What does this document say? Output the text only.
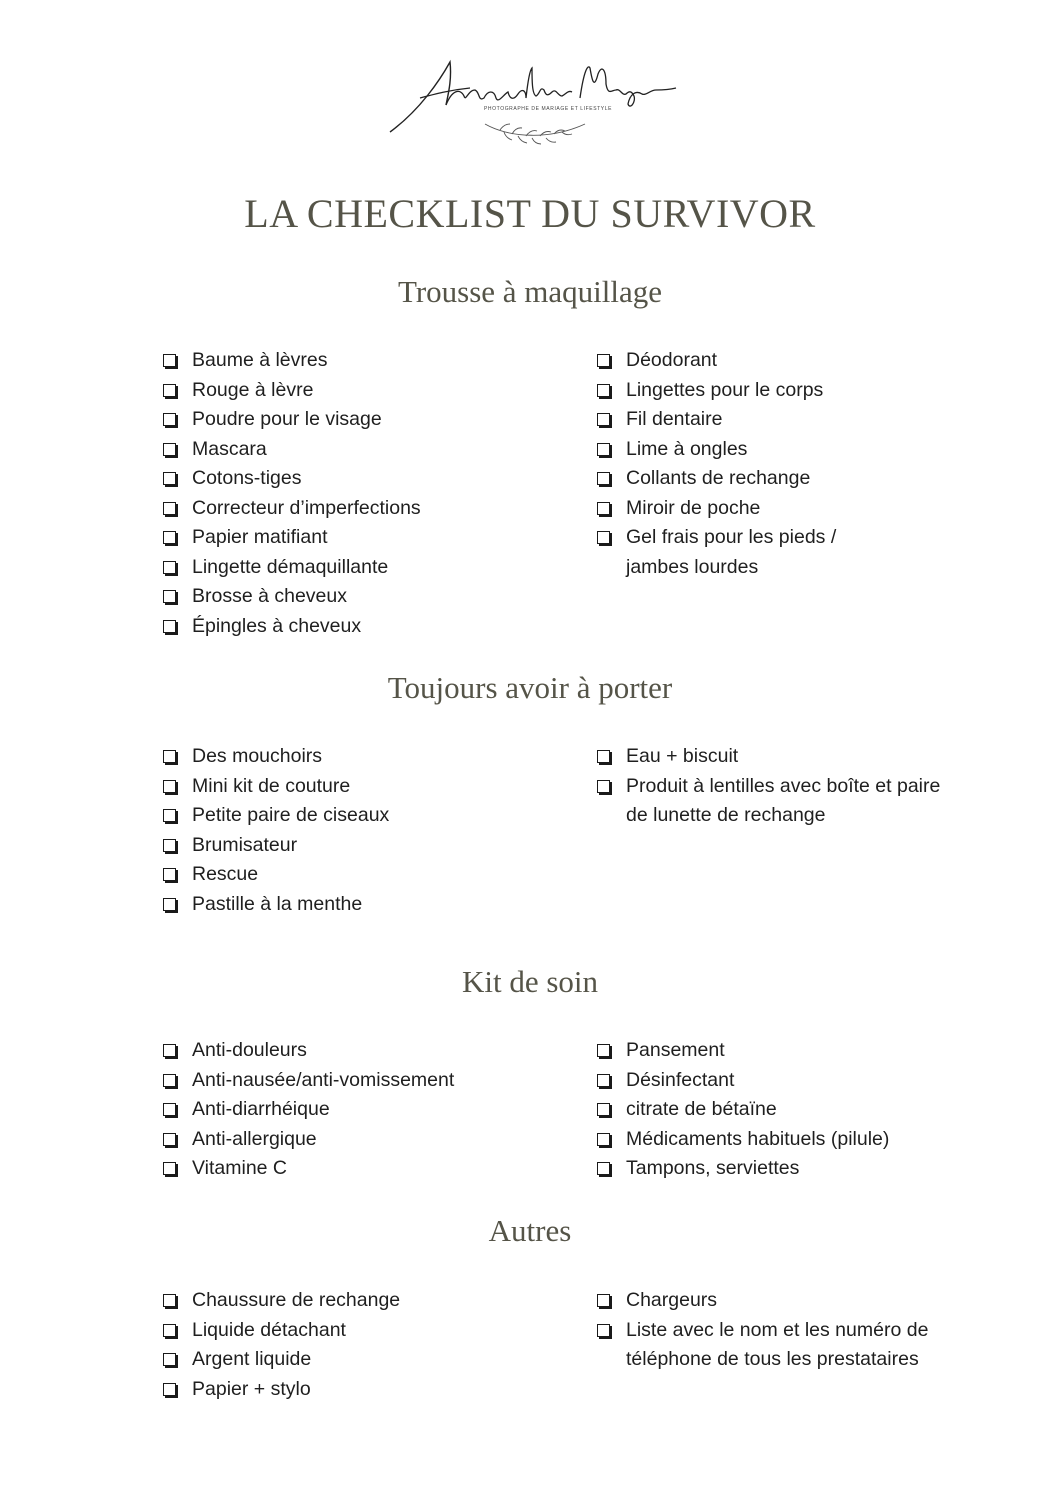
PHOTOGRAPHE DE MARIAGE ET LIFESTYLE
LA CHECKLIST DU SURVIVOR
Trousse à maquillage
Baume à lèvres
Rouge à lèvre
Poudre pour le visage
Mascara
Cotons-tiges
Correcteur d’imperfections
Papier matifiant
Lingette démaquillante
Brosse à cheveux
Épingles à cheveux
Déodorant
Lingettes pour le corps
Fil dentaire
Lime à ongles
Collants de rechange
Miroir de poche
Gel frais pour les pieds / jambes lourdes
Toujours avoir à porter
Des mouchoirs
Mini kit de couture
Petite paire de ciseaux
Brumisateur
Rescue
Pastille à la menthe
Eau + biscuit
Produit à lentilles avec boîte et paire de lunette de rechange
Kit de soin
Anti-douleurs
Anti-nausée/anti-vomissement
Anti-diarrhéique
Anti-allergique
Vitamine C
Pansement
Désinfectant
citrate de bétaïne
Médicaments habituels (pilule)
Tampons, serviettes
Autres
Chaussure de rechange
Liquide détachant
Argent liquide
Papier + stylo
Chargeurs
Liste avec le nom et les numéro de téléphone de tous les prestataires
